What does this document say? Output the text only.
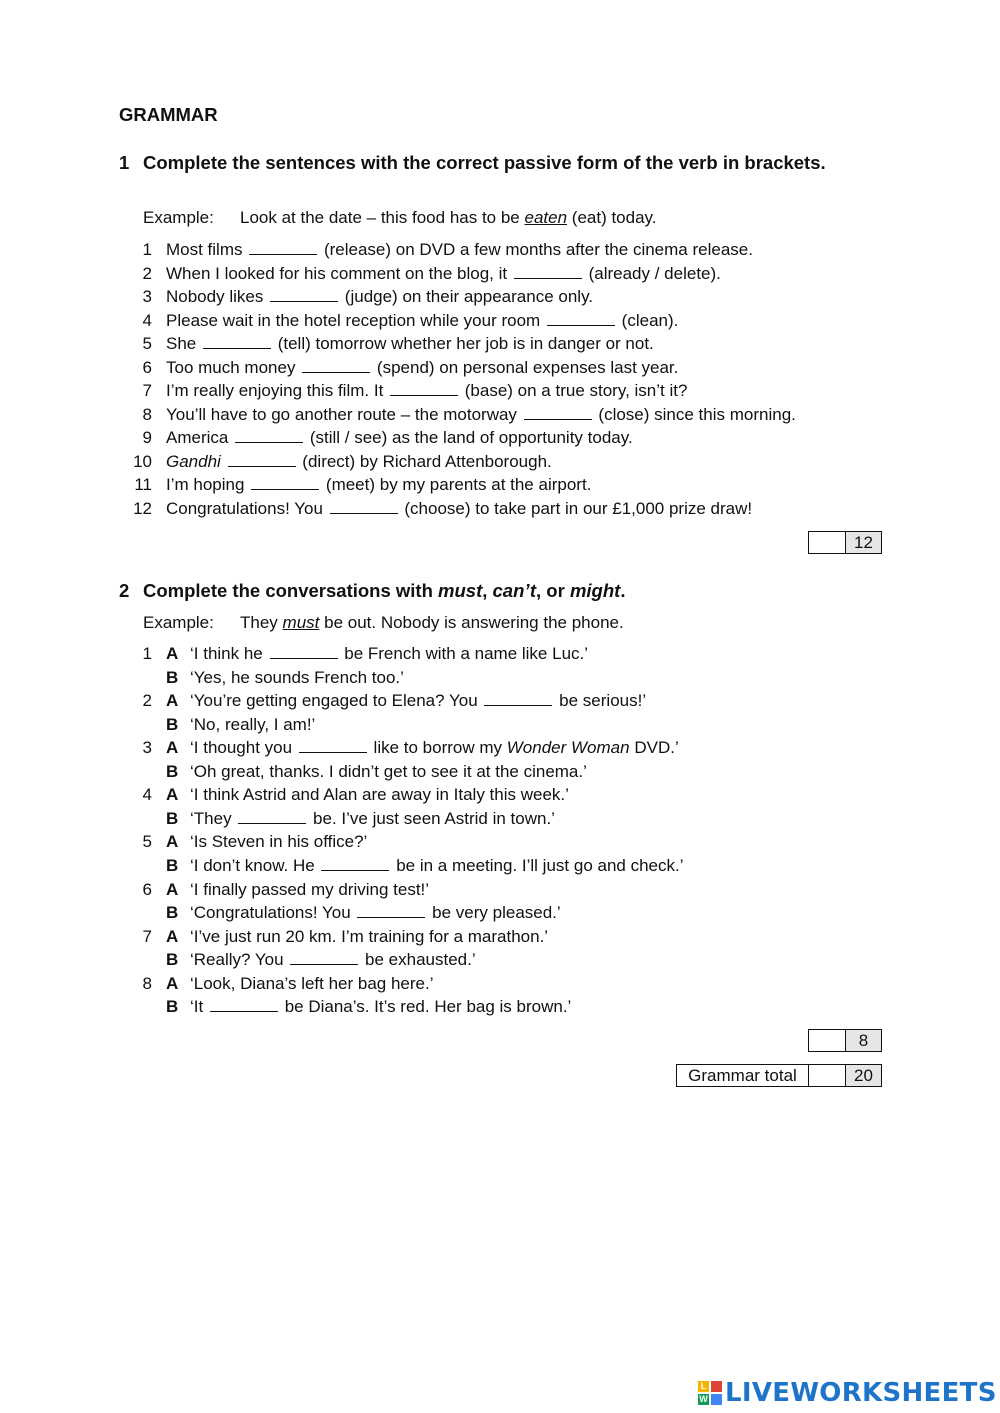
GRAMMAR
1 Complete the sentences with the correct passive form of the verb in brackets.
Example: Look at the date – this food has to be eaten (eat) today.
1 Most films	(release) on DVD a few months after the cinema release.
2 When I looked for his comment on the blog, it	(already / delete).
3 Nobody likes	(judge) on their appearance only.
4 Please wait in the hotel reception while your room	(clean).
5 She	(tell) tomorrow whether her job is in danger or not.
6 Too much money	(spend) on personal expenses last year.
7 I’m really enjoying this film. It	(base) on a true story, isn’t it?
8 You’ll have to go another route – the motorway	(close) since this morning.
9 America	(still / see) as the land of opportunity today.
10 Gandhi	(direct) by Richard Attenborough.
11 I’m hoping	(meet) by my parents at the airport.
12 Congratulations! You	(choose) to take part in our £1,000 prize draw!
12
2 Complete the conversations with must, can’t, or might.
Example: They must be out. Nobody is answering the phone.
1 A
B
‘I think he	be French with a name like Luc.’
‘Yes, he sounds French too.’
2 A
B
‘You’re getting engaged to Elena? You	be serious!’
‘No, really, I am!’
3 A
B
‘I thought you	like to borrow my Wonder Woman DVD.’
‘Oh great, thanks. I didn’t get to see it at the cinema.’
4 A
B
‘I think Astrid and Alan are away in Italy this week.’
‘They	be. I’ve just seen Astrid in town.’
5 A
B
‘Is Steven in his office?’
‘I don’t know. He	be in a meeting. I’ll just go and check.’
6 A
B
‘I finally passed my driving test!’
‘Congratulations! You	be very pleased.’
7 A
B
‘I’ve just run 20 km. I’m training for a marathon.’
‘Really? You	be exhausted.’
8 A
B
‘Look, Diana’s left her bag here.’
‘It	be Diana’s. It’s red. Her bag is brown.’
8
Grammar total	20
L
W LIVEWORKSHEETS
